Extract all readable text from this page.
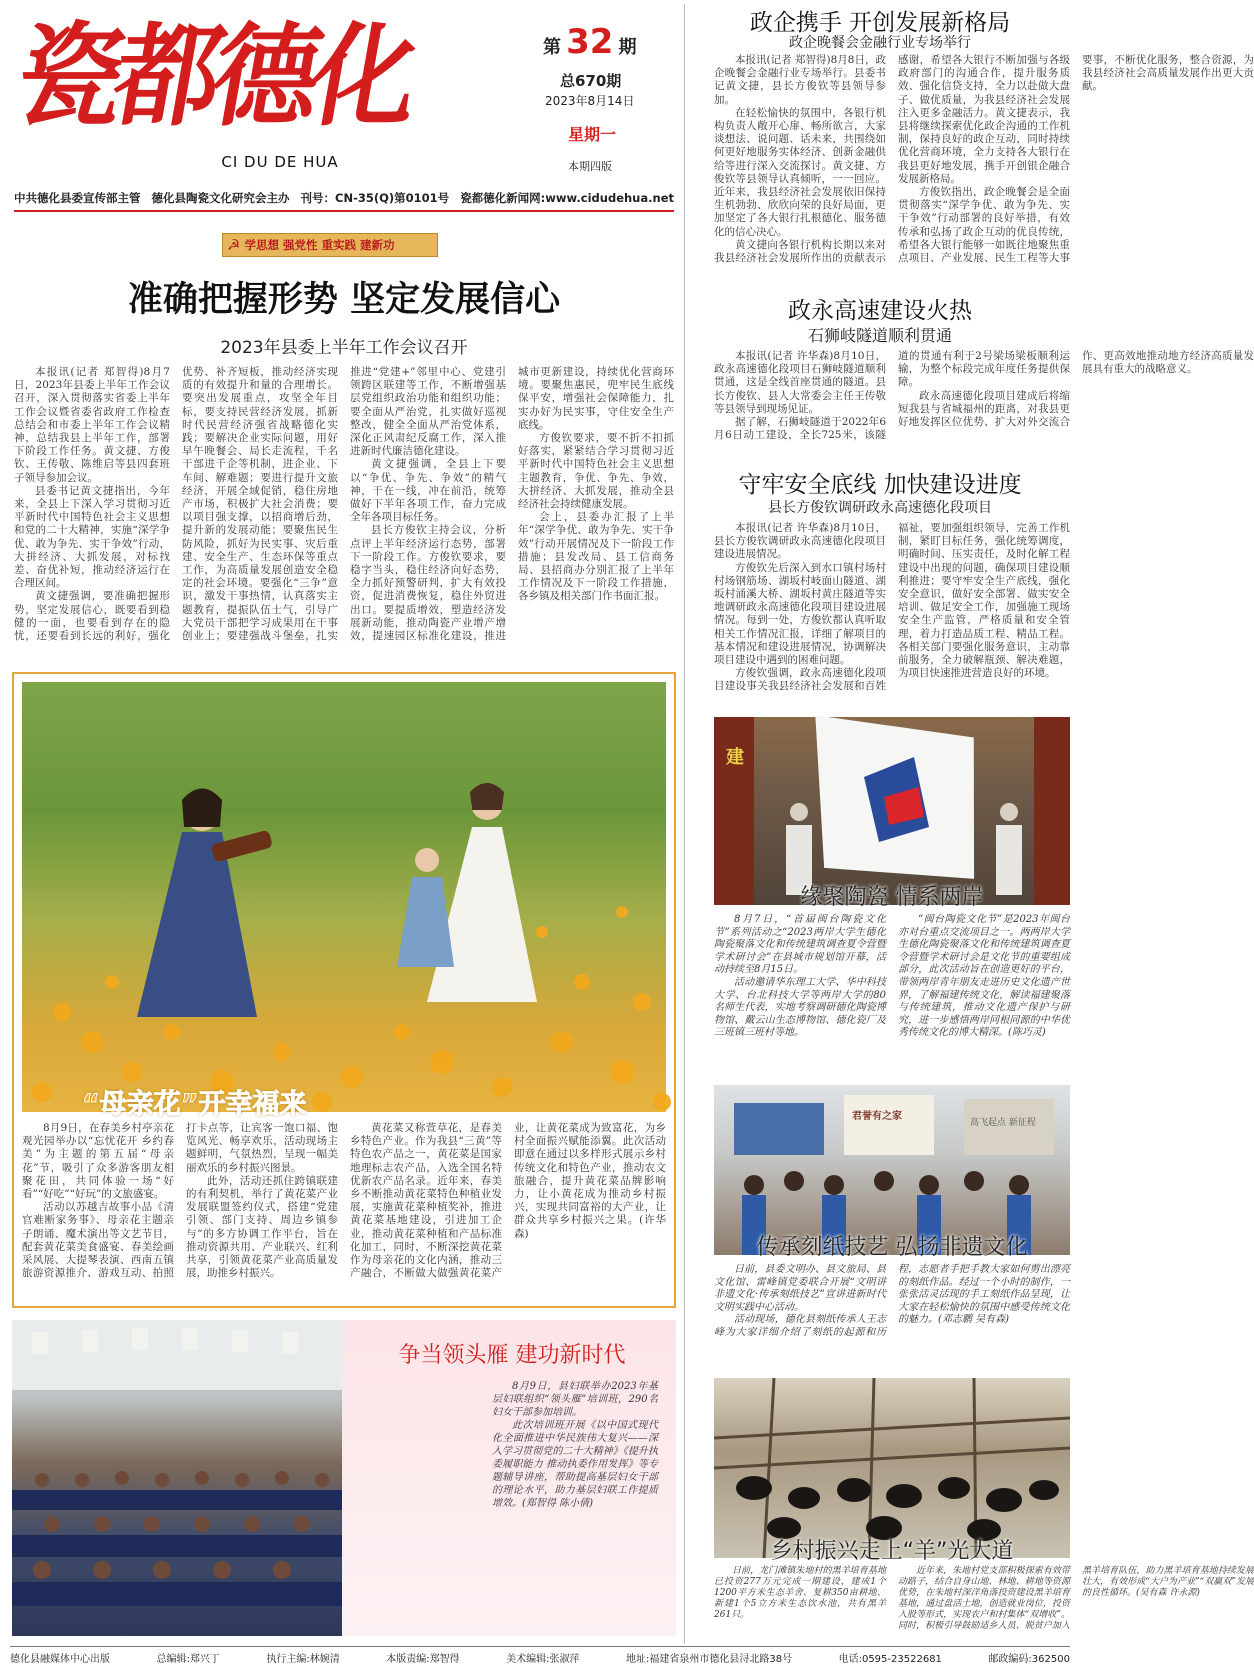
瓷都德化
CI DU DE HUA
第 32 期
总670期
2023年8月14日
星期一
本期四版
中共德化县委宣传部主管 德化县陶瓷文化研究会主办 刊号：CN-35(Q)第0101号 瓷都德化新闻网:www.cidudehua.net
☭ 学思想 强党性 重实践 建新功
准确把握形势 坚定发展信心
2023年县委上半年工作会议召开

本报讯(记者 郑智得)8月7日，2023年县委上半年工作会议召开，深入贯彻落实省委上半年工作会议暨省委省政府工作检查总结会和市委上半年工作会议精神，总结我县上半年工作，部署下阶段工作任务。黄文捷、方俊钦、王传敬、陈维启等县四套班子领导参加会议。

县委书记黄文捷指出，今年来，全县上下深入学习贯彻习近平新时代中国特色社会主义思想和党的二十大精神，实施“深学争优、敢为争先、实干争效”行动，大拼经济、大抓发展，对标找差、奋优补短，推动经济运行在合理区间。

黄文捷强调，要准确把握形势，坚定发展信心，既要看到稳健的一面，也要看到存在的隐忧，还要看到长远的利好，强化优势、补齐短板，推动经济实现质的有效提升和量的合理增长。要突出发展重点，攻坚全年目标，要支持民营经济发展，抓新时代民营经济强省战略德化实践；要解决企业实际问题，用好早午晚餐会、局长走流程，千名干部进千企等机制，进企业、下车间、解难题；要进行提升文旅经济，开展全域促销，稳住房地产市场，积极扩大社会消费；要以项目强支撑，以招商增后劲，提升新的发展动能；要聚焦民生防风险，抓好为民实事、灾后重建、安全生产、生态环保等重点工作，为高质量发展创造安全稳定的社会环境。要强化“三争”意识，激发干事热情，认真落实主题教育，提振队伍士气，引导广大党员干部把学习成果用在干事创业上；要建强战斗堡垒，扎实推进“党建+”邻里中心、党建引领跨区联建等工作，不断增强基层党组织政治功能和组织功能；要全面从严治党，扎实做好巡视整改，健全全面从严治党体系，深化正风肃纪反腐工作，深入推进新时代廉洁德化建设。

黄文捷强调，全县上下要以“争优、争先、争效”的精气神，干在一线，冲在前沿，统筹做好下半年各项工作，奋力完成全年各项目标任务。

县长方俊钦主持会议，分析点评上半年经济运行态势，部署下一阶段工作。方俊钦要求，要稳字当头，稳住经济向好态势，全力抓好预警研判，扩大有效投资，促进消费恢复，稳住外贸进出口。要提质增效，塑造经济发展新动能，推动陶瓷产业增产增效，提速园区标准化建设，推进城市更新建设，持续优化营商环境。要聚焦惠民，兜牢民生底线保平安，增强社会保障能力，扎实办好为民实事，守住安全生产底线。

方俊钦要求，要不折不扣抓好落实，紧紧结合学习贯彻习近平新时代中国特色社会主义思想主题教育，争优、争先、争效，大拼经济、大抓发展，推动全县经济社会持续健康发展。

会上，县委办汇报了上半年“深学争优、敢为争先、实干争效”行动开展情况及下一阶段工作措施；县发改局、县工信商务局、县招商办分别汇报了上半年工作情况及下一阶段工作措施，各乡镇及相关部门作书面汇报。

政企携手 开创发展新格局
政企晚餐会金融行业专场举行

本报讯(记者 郑智得)8月8日，政企晚餐会金融行业专场举行。县委书记黄文捷，县长方俊钦等县领导参加。

在轻松愉快的氛围中，各银行机构负责人敞开心扉、畅所欲言，大家谈想法、说问题、话未来，共围绕如何更好地服务实体经济、创新金融供给等进行深入交流探讨。黄文捷、方俊钦等县领导认真倾听，一一回应。近年来，我县经济社会发展依旧保持生机勃勃、欣欣向荣的良好局面，更加坚定了各大银行扎根德化、服务德化的信心决心。

黄文捷向各银行机构长期以来对我县经济社会发展所作出的贡献表示感谢，希望各大银行不断加强与各级政府部门的沟通合作，提升服务质效、强化信贷支持，全力以赴做大盘子、做优质量，为我县经济社会发展注入更多金融活力。黄文捷表示，我县将继续探索优化政企沟通的工作机制，保持良好的政企互动，同时持续优化营商环境，全力支持各大银行在我县更好地发展，携手开创银企融合发展新格局。

方俊钦指出，政企晚餐会是全面贯彻落实“深学争优、敢为争先、实干争效”行动部署的良好举措，有效传承和弘扬了政企互动的优良传统，希望各大银行能够一如既往地聚焦重点项目、产业发展、民生工程等大事要事，不断优化服务，整合资源，为我县经济社会高质量发展作出更大贡献。

政永高速建设火热
石狮岐隧道顺利贯通

本报讯(记者 许华森)8月10日，政永高速德化段项目石狮岐隧道顺利贯通，这是全线首座贯通的隧道。县长方俊钦、县人大常委会主任王传敬等县领导到现场见证。

据了解，石狮岐隧道于2022年6月6日动工建设，全长725米，该隧道的贯通有利于2号梁场梁板顺利运输，为整个标段完成年度任务提供保障。

政永高速德化段项目建成后将缩短我县与省城福州的距离，对我县更好地发挥区位优势、扩大对外交流合作、更高效地推动地方经济高质量发展具有重大的战略意义。

守牢安全底线 加快建设进度
县长方俊钦调研政永高速德化段项目

本报讯(记者 许华森)8月10日，县长方俊钦调研政永高速德化段项目建设进展情况。

方俊钦先后深入到水口镇村场村村场钢筋场、湖坂村岐面山隧道、湖坂村涌溪大桥、湖坂村黄庄隧道等实地调研政永高速德化段项目建设进展情况。每到一处，方俊钦都认真听取相关工作情况汇报，详细了解项目的基本情况和建设进展情况，协调解决项目建设中遇到的困难问题。

方俊钦强调，政永高速德化段项目建设事关我县经济社会发展和百姓福祉，要加强组织领导，完善工作机制，紧盯目标任务，强化统筹调度，明确时间、压实责任，及时化解工程建设中出现的问题，确保项目建设顺利推进；要守牢安全生产底线，强化安全意识，做好安全部署、做实安全培训、做足安全工作，加强施工现场安全生产监管，严格质量和安全管理，着力打造品质工程、精品工程。各相关部门要强化服务意识，主动靠前服务，全力破解瓶颈、解决难题，为项目快速推进营造良好的环境。

“母亲花”开幸福来

8月9日，在春美乡村亭亲花观光园举办以“忘忧花开 乡约春美”为主题的第五届“母亲花”节，吸引了众多游客朋友相聚花田，共同体验一场“好看”“好吃”“好玩”的文旅盛宴。

活动以苏越吉故事小品《清官难断家务事》、母亲花主题亲子朗诵、魔术演出等文艺节目，配套黄花菜美食盛宴、春美绘画采风展、大提琴表演、西南五镇旅游资源推介、游戏互动、拍照打卡点等，让宾客一饱口福、饱览风光、畅享欢乐，活动现场主题鲜明，气氛热烈，呈现一幅美丽欢乐的乡村振兴图景。

此外，活动还抓住跨镇联建的有利契机，举行了黄花菜产业发展联盟签约仪式，搭建“党建引领、部门支持、周边乡镇参与”的多方协调工作平台，旨在推动资源共用、产业联兴、红利共享，引领黄花菜产业高质量发展，助推乡村振兴。

黄花菜又称萱草花，是春美乡特色产业。作为我县“三黄”等特色农产品之一，黄花菜是国家地理标志农产品，入选全国名特优新农产品名录。近年来，春美乡不断推动黄花菜特色种植业发展，实施黄花菜种植奖补，推进黄花菜基地建设，引进加工企业，推动黄花菜种植和产品标准化加工，同时，不断深挖黄花菜作为母亲花的文化内涵，推动三产融合，不断做大做强黄花菜产业，让黄花菜成为致富花，为乡村全面振兴赋能添翼。此次活动即意在通过以多样形式展示乡村传统文化和特色产业，推动农文旅融合，提升黄花菜品牌影响力，让小黄花成为推动乡村振兴，实现共同富裕的大产业，让群众共享乡村振兴之果。(许华森)

争当领头雁 建功新时代

8月9日，县妇联举办2023年基层妇联组织“领头雁”培训班，290名妇女干部参加培训。

此次培训班开展《以中国式现代化全面推进中华民族伟大复兴——深入学习贯彻党的二十大精神》《提升执委履职能力 推动执委作用发挥》等专题辅导讲座，帮助提高基层妇女干部的理论水平，助力基层妇联工作提质增效。(郑智得 陈小倩)

建
缘聚陶瓷 情系两岸

8月7日，“首届闽台陶瓷文化节”系列活动之“2023两岸大学生德化陶瓷聚落文化和传统建筑调查夏令营暨学术研讨会”在县城市规划馆开幕，活动持续至8月15日。

活动邀请华东理工大学、华中科技大学、台北科技大学等两岸大学的80名师生代表，实地考察调研德化陶瓷博物馆、戴云山生态博物馆、德化瓷厂及三班镇三班村等地。

“闽台陶瓷文化节”是2023年闽台亦对台重点交流项目之一。两两岸大学生德化陶瓷聚落文化和传统建筑调查夏令营暨学术研讨会是文化节的重要组成部分，此次活动旨在创造更好的平台，带领两岸青年朋友走进历史文化遗产世界，了解福建传统文化，解读福建聚落与传统建筑，推动文化遗产保护与研究，进一步感悟两岸同根同源的中华优秀传统文化的博大精深。(陈巧灵)

君誉有之家
高飞起点 新征程
传承刻纸技艺 弘扬非遗文化

日前，县委文明办、县文旅局、县文化馆、雷峰镇党委联合开展“文明讲非遗文化·传承刻纸技艺”宣讲进新时代文明实践中心活动。

活动现场，德化县刻纸传承人王志峰为大家详细介绍了刻纸的起源和历程，志愿者手把手教大家如何剪出漂亮的刻纸作品。经过一个小时的制作，一张张活灵活现的手工刻纸作品呈现，让大家在轻松愉快的氛围中感受传统文化的魅力。(邓志鹏 吴有森)

乡村振兴走上“羊”光大道

日前，龙门滩镇朱地村的黑羊培育基地已投资277万元完成一期建设，建成1个1200平方米生态羊舍、复耕350亩耕地、新建1个5立方米生态饮水池，共有黑羊261只。

近年来，朱地村党支部积极探索有效带动路子，结合自身山地、林地、耕地等资源优势，在朱地村深洋角落投资建设黑羊培育基地，通过盘活土地，创造就业岗位，投资入股等形式，实现农户和村集体“双增收”。同时，积极引导鼓励适乡人员、脱贫户加入黑羊培育队伍，助力黑羊培育基地持续发展壮大，有效形成“大户为产业”“双赢双”发展的良性循环。(吴有森 许永源)

德化县融媒体中心出版	总编辑:郑兴丁	执行主编:林婉清	本版责编:郑智得	美术编辑:张淑萍	地址:福建省泉州市德化县浔北路38号	电话:0595-23522681	邮政编码:362500
